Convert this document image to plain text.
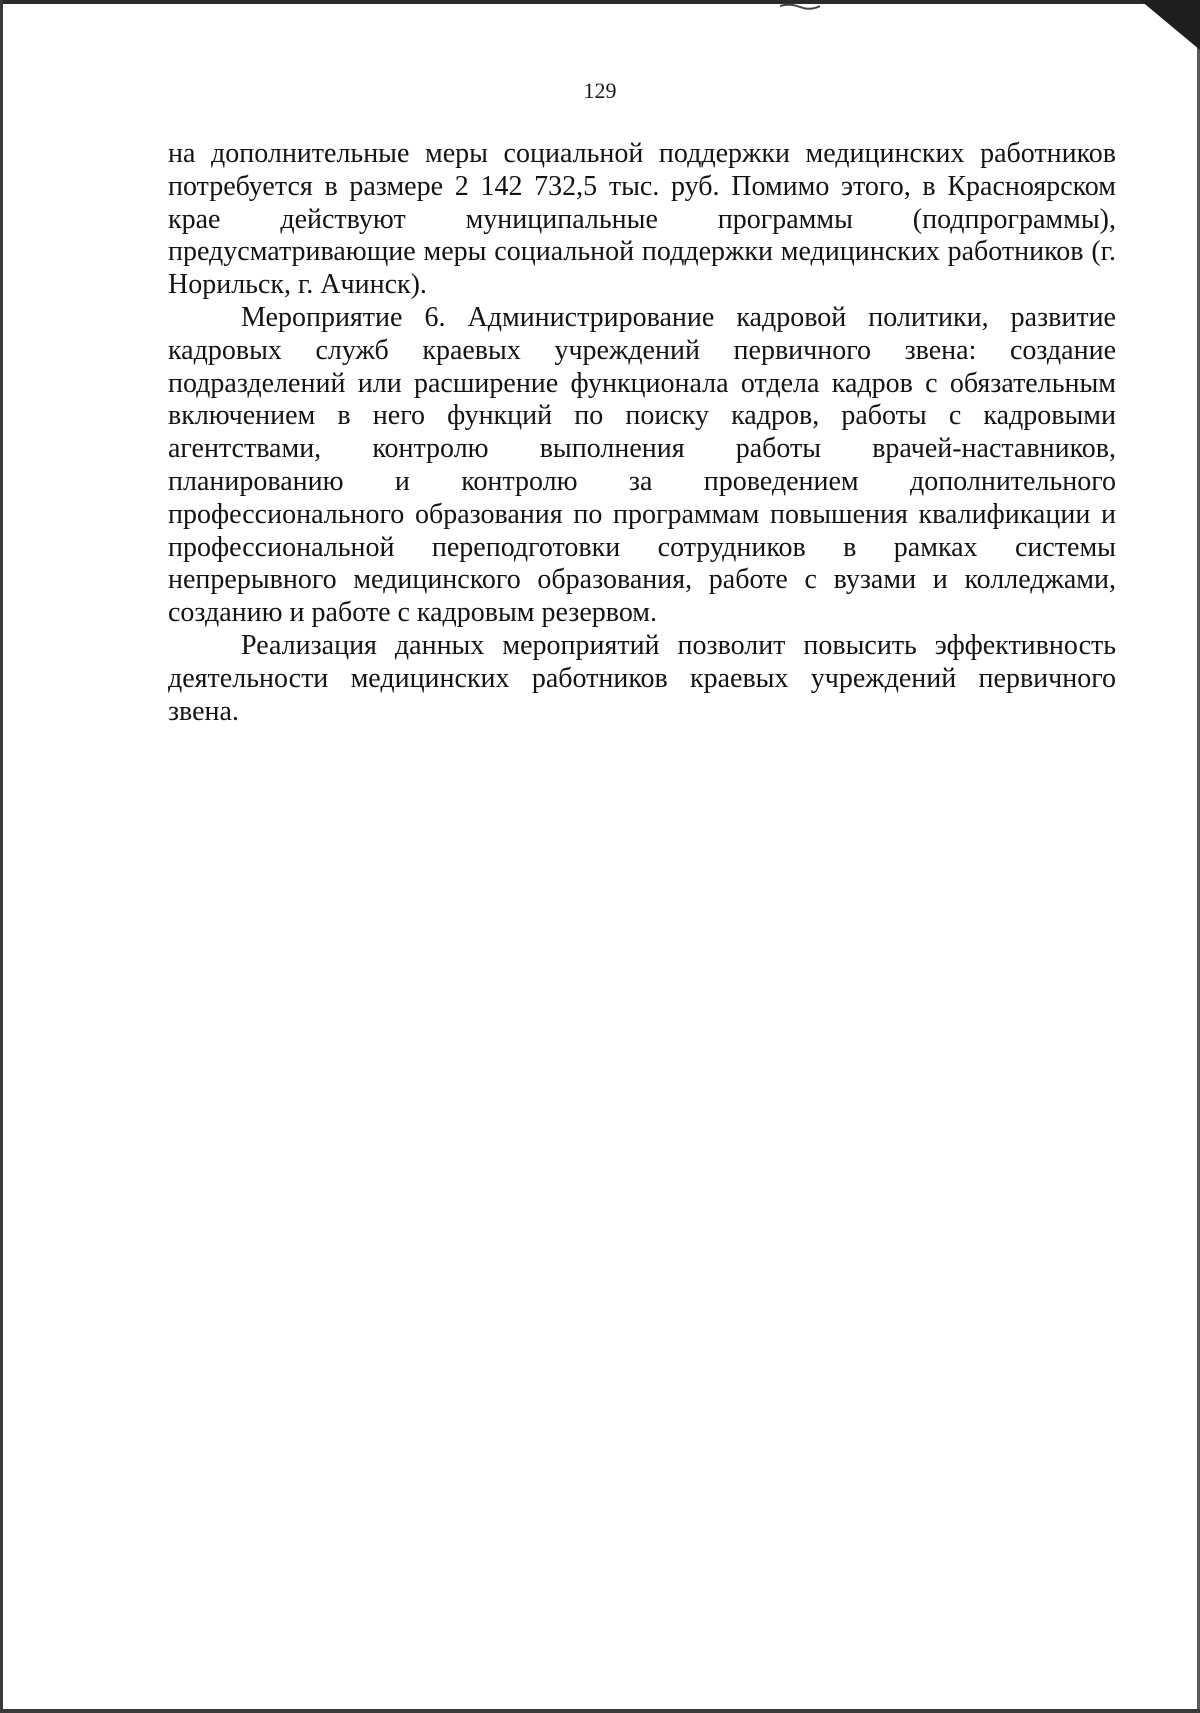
129

на дополнительные меры социальной поддержки медицинских работников потребуется в размере 2 142 732,5 тыс. руб. Помимо этого, в Красноярском крае действуют муниципальные программы (подпрограммы), предусматривающие меры социальной поддержки медицинских работников (г. Норильск, г. Ачинск).

Мероприятие 6. Администрирование кадровой политики, развитие кадровых служб краевых учреждений первичного звена: создание подразделений или расширение функционала отдела кадров с обязательным включением в него функций по поиску кадров, работы с кадровыми агентствами, контролю выполнения работы врачей-наставников, планированию и контролю за проведением дополнительного профессионального образования по программам повышения квалификации и профессиональной переподготовки сотрудников в рамках системы непрерывного медицинского образования, работе с вузами и колледжами, созданию и работе с кадровым резервом.

Реализация данных мероприятий позволит повысить эффективность деятельности медицинских работников краевых учреждений первичного звена.
